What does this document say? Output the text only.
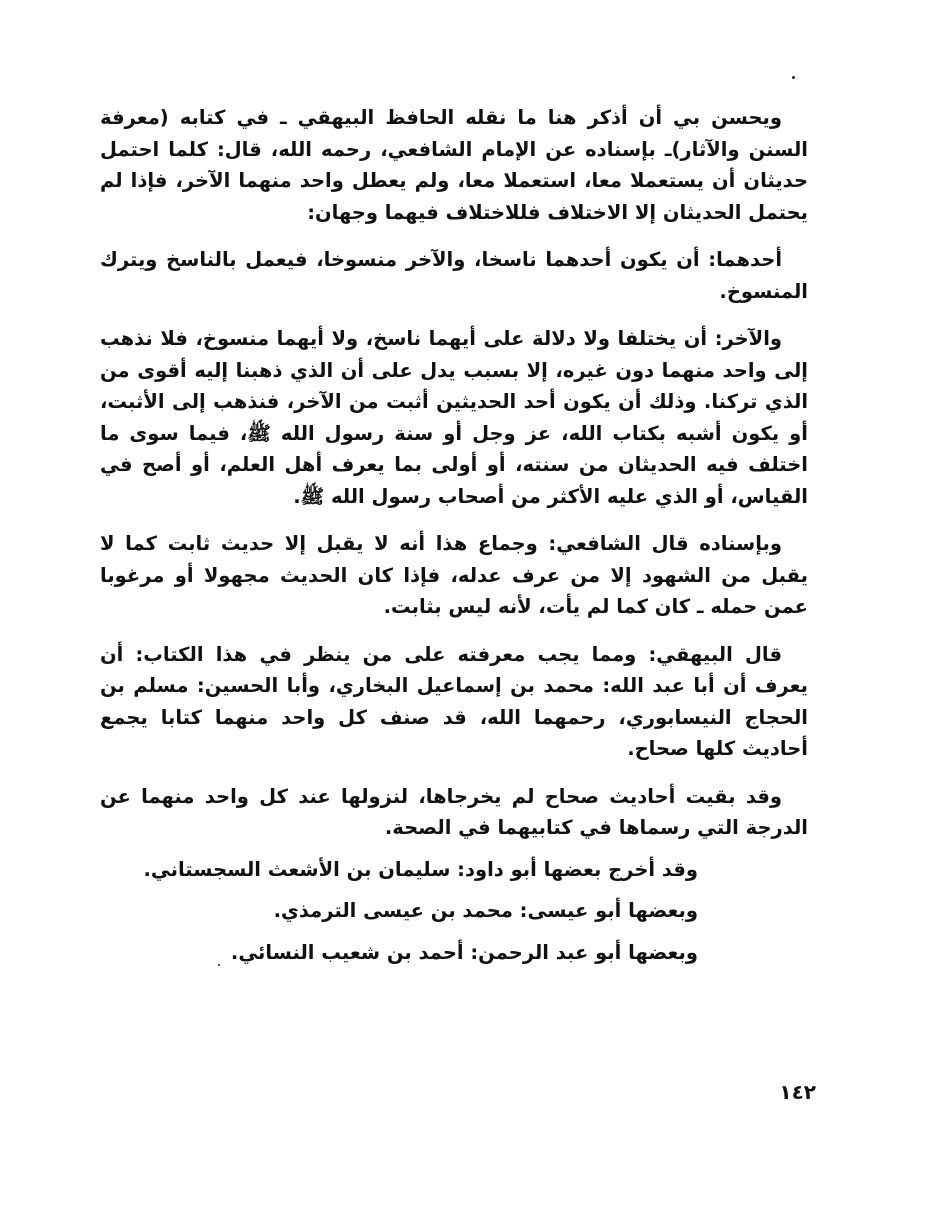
ويحسن بي أن أذكر هنا ما نقله الحافظ البيهقي ـ في كتابه (معرفة السنن والآثار)ـ بإسناده عن الإمام الشافعي، رحمه الله، قال: كلما احتمل حديثان أن يستعملا معا، استعملا معا، ولم يعطل واحد منهما الآخر، فإذا لم يحتمل الحديثان إلا الاختلاف فللاختلاف فيهما وجهان:

أحدهما: أن يكون أحدهما ناسخا، والآخر منسوخا، فيعمل بالناسخ ويترك المنسوخ.

والآخر: أن يختلفا ولا دلالة على أيهما ناسخ، ولا أيهما منسوخ، فلا نذهب إلى واحد منهما دون غيره، إلا بسبب يدل على أن الذي ذهبنا إليه أقوى من الذي تركنا. وذلك أن يكون أحد الحديثين أثبت من الآخر، فنذهب إلى الأثبت، أو يكون أشبه بكتاب الله، عز وجل أو سنة رسول الله ﷺ، فيما سوى ما اختلف فيه الحديثان من سنته، أو أولى بما يعرف أهل العلم، أو أصح في القياس، أو الذي عليه الأكثر من أصحاب رسول الله ﷺ.

وبإسناده قال الشافعي: وجماع هذا أنه لا يقبل إلا حديث ثابت كما لا يقبل من الشهود إلا من عرف عدله، فإذا كان الحديث مجهولا أو مرغوبا عمن حمله ـ كان كما لم يأت، لأنه ليس بثابت.

قال البيهقي: ومما يجب معرفته على من ينظر في هذا الكتاب: أن يعرف أن أبا عبد الله: محمد بن إسماعيل البخاري، وأبا الحسين: مسلم بن الحجاج النيسابوري، رحمهما الله، قد صنف كل واحد منهما كتابا يجمع أحاديث كلها صحاح.

وقد بقيت أحاديث صحاح لم يخرجاها، لنزولها عند كل واحد منهما عن الدرجة التي رسماها في كتابيهما في الصحة.

وقد أخرج بعضها أبو داود: سليمان بن الأشعث السجستاني.

وبعضها أبو عيسى: محمد بن عيسى الترمذي.

وبعضها أبو عبد الرحمن: أحمد بن شعيب النسائي.

١٤٢
